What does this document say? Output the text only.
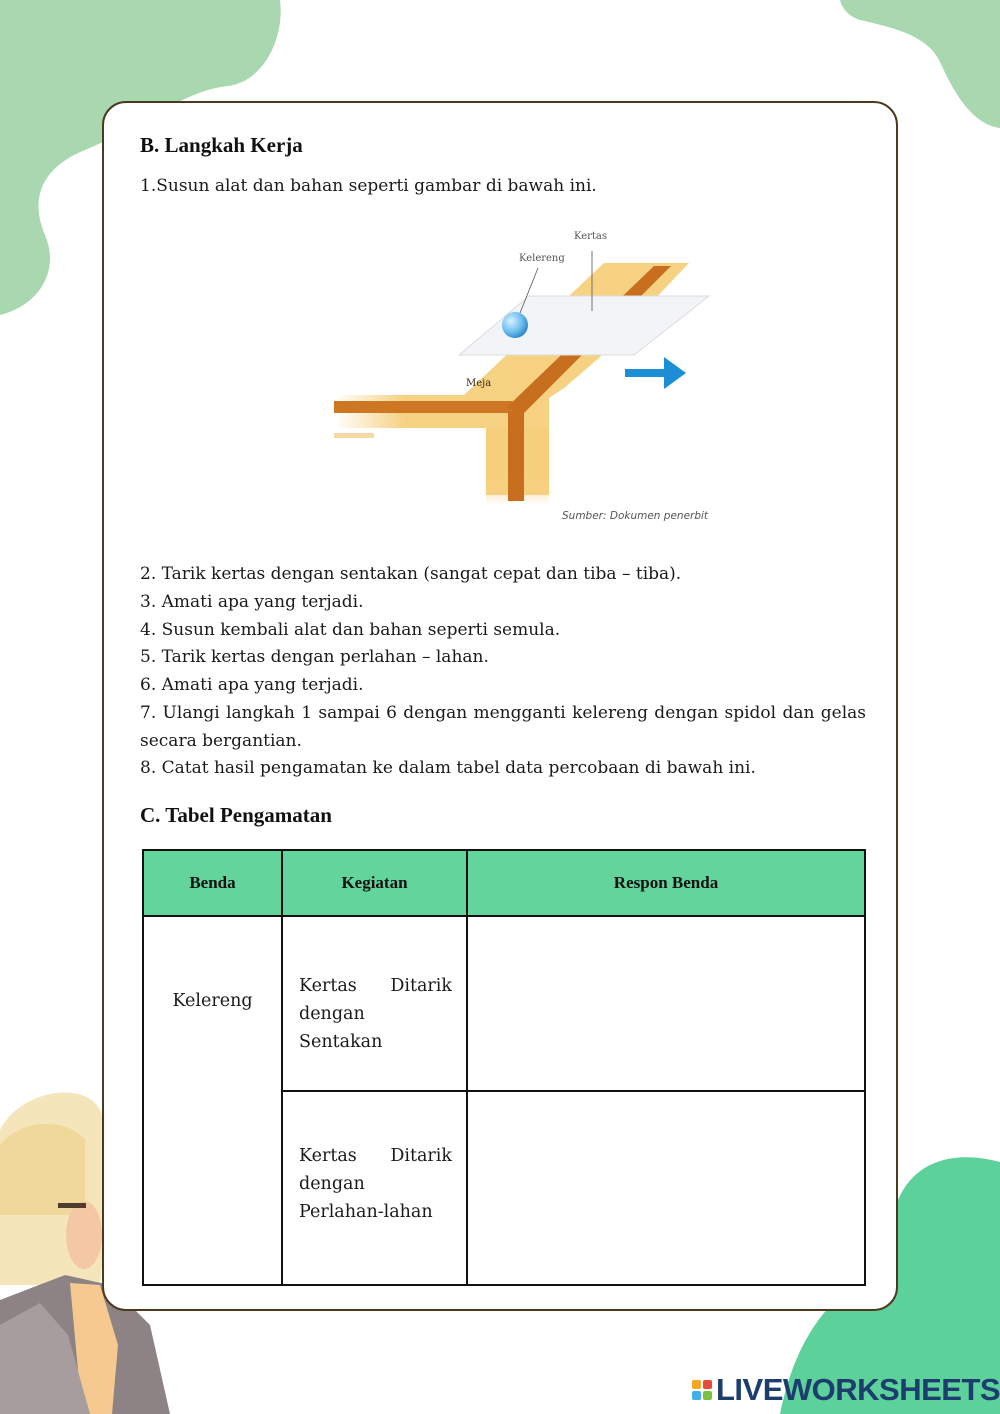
B. Langkah Kerja

1.Susun alat dan bahan seperti gambar di bawah ini.

Kertas
Kelereng
Meja
Sumber: Dokumen penerbit

2. Tarik kertas dengan sentakan (sangat cepat dan tiba – tiba).

3. Amati apa yang terjadi.

4. Susun kembali alat dan bahan seperti semula.

5. Tarik kertas dengan perlahan – lahan.

6. Amati apa yang terjadi.

7. Ulangi langkah 1 sampai 6 dengan mengganti kelereng dengan spidol dan gelas secara bergantian.

8. Catat hasil pengamatan ke dalam tabel data percobaan di bawah ini.

C. Tabel Pengamatan
Benda	Kegiatan	Respon Benda
Kelereng	Kertas Ditarik dengan Sentakan	
	Kertas Ditarik dengan Perlahan-lahan	
LIVEWORKSHEETS
